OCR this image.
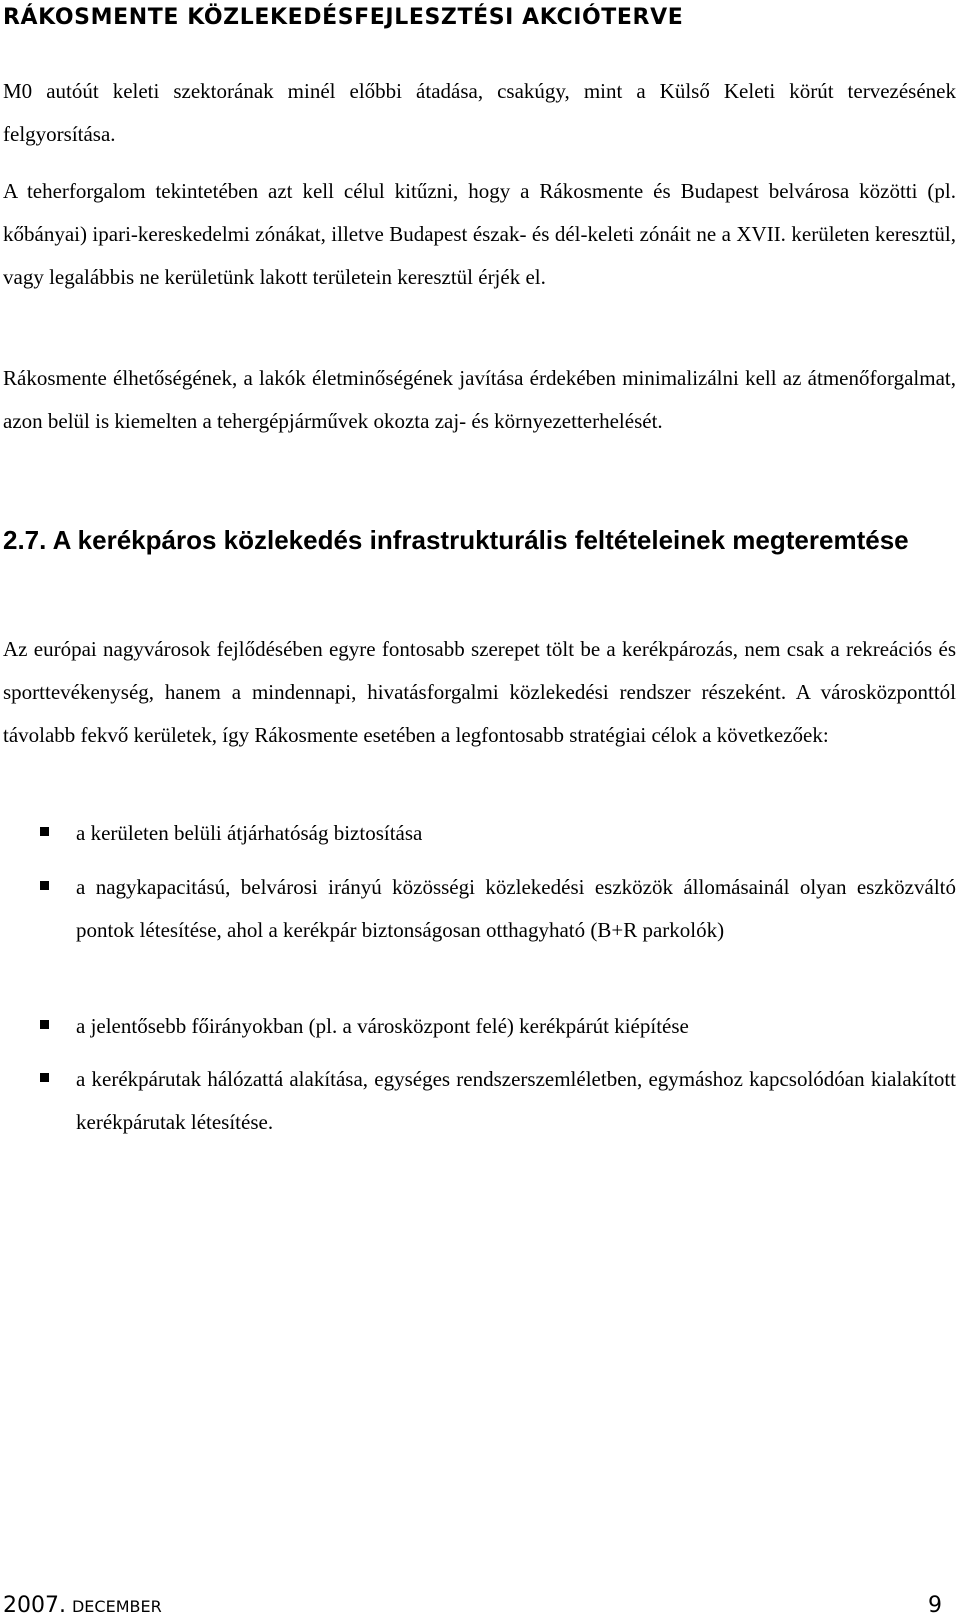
RÁKOSMENTE KÖZLEKEDÉSFEJLESZTÉSI AKCIÓTERVE

M0 autóút keleti szektorának minél előbbi átadása, csakúgy, mint a Külső Keleti körút tervezésének felgyorsítása.

A teherforgalom tekintetében azt kell célul kitűzni, hogy a Rákosmente és Budapest belvárosa közötti (pl. kőbányai) ipari-kereskedelmi zónákat, illetve Budapest észak- és dél-keleti zónáit ne a XVII. kerületen keresztül, vagy legalábbis ne kerületünk lakott területein keresztül érjék el.

Rákosmente élhetőségének, a lakók életminőségének javítása érdekében minimalizálni kell az átmenőforgalmat, azon belül is kiemelten a tehergépjárművek okozta zaj- és környezetterhelését.

2.7. A kerékpáros közlekedés infrastrukturális feltételeinek megteremtése

Az európai nagyvárosok fejlődésében egyre fontosabb szerepet tölt be a kerékpározás, nem csak a rekreációs és sporttevékenység, hanem a mindennapi, hivatásforgalmi közlekedési rendszer részeként. A városközponttól távolabb fekvő kerületek, így Rákosmente esetében a legfontosabb stratégiai célok a következőek:

a kerületen belüli átjárhatóság biztosítása
a nagykapacitású, belvárosi irányú közösségi közlekedési eszközök állomásainál olyan eszközváltó pontok létesítése, ahol a kerékpár biztonságosan otthagyható (B+R parkolók)
a jelentősebb főirányokban (pl. a városközpont felé) kerékpárút kiépítése
a kerékpárutak hálózattá alakítása, egységes rendszerszemléletben, egymáshoz kapcsolódóan kialakított kerékpárutak létesítése.
2007. DECEMBER	9
